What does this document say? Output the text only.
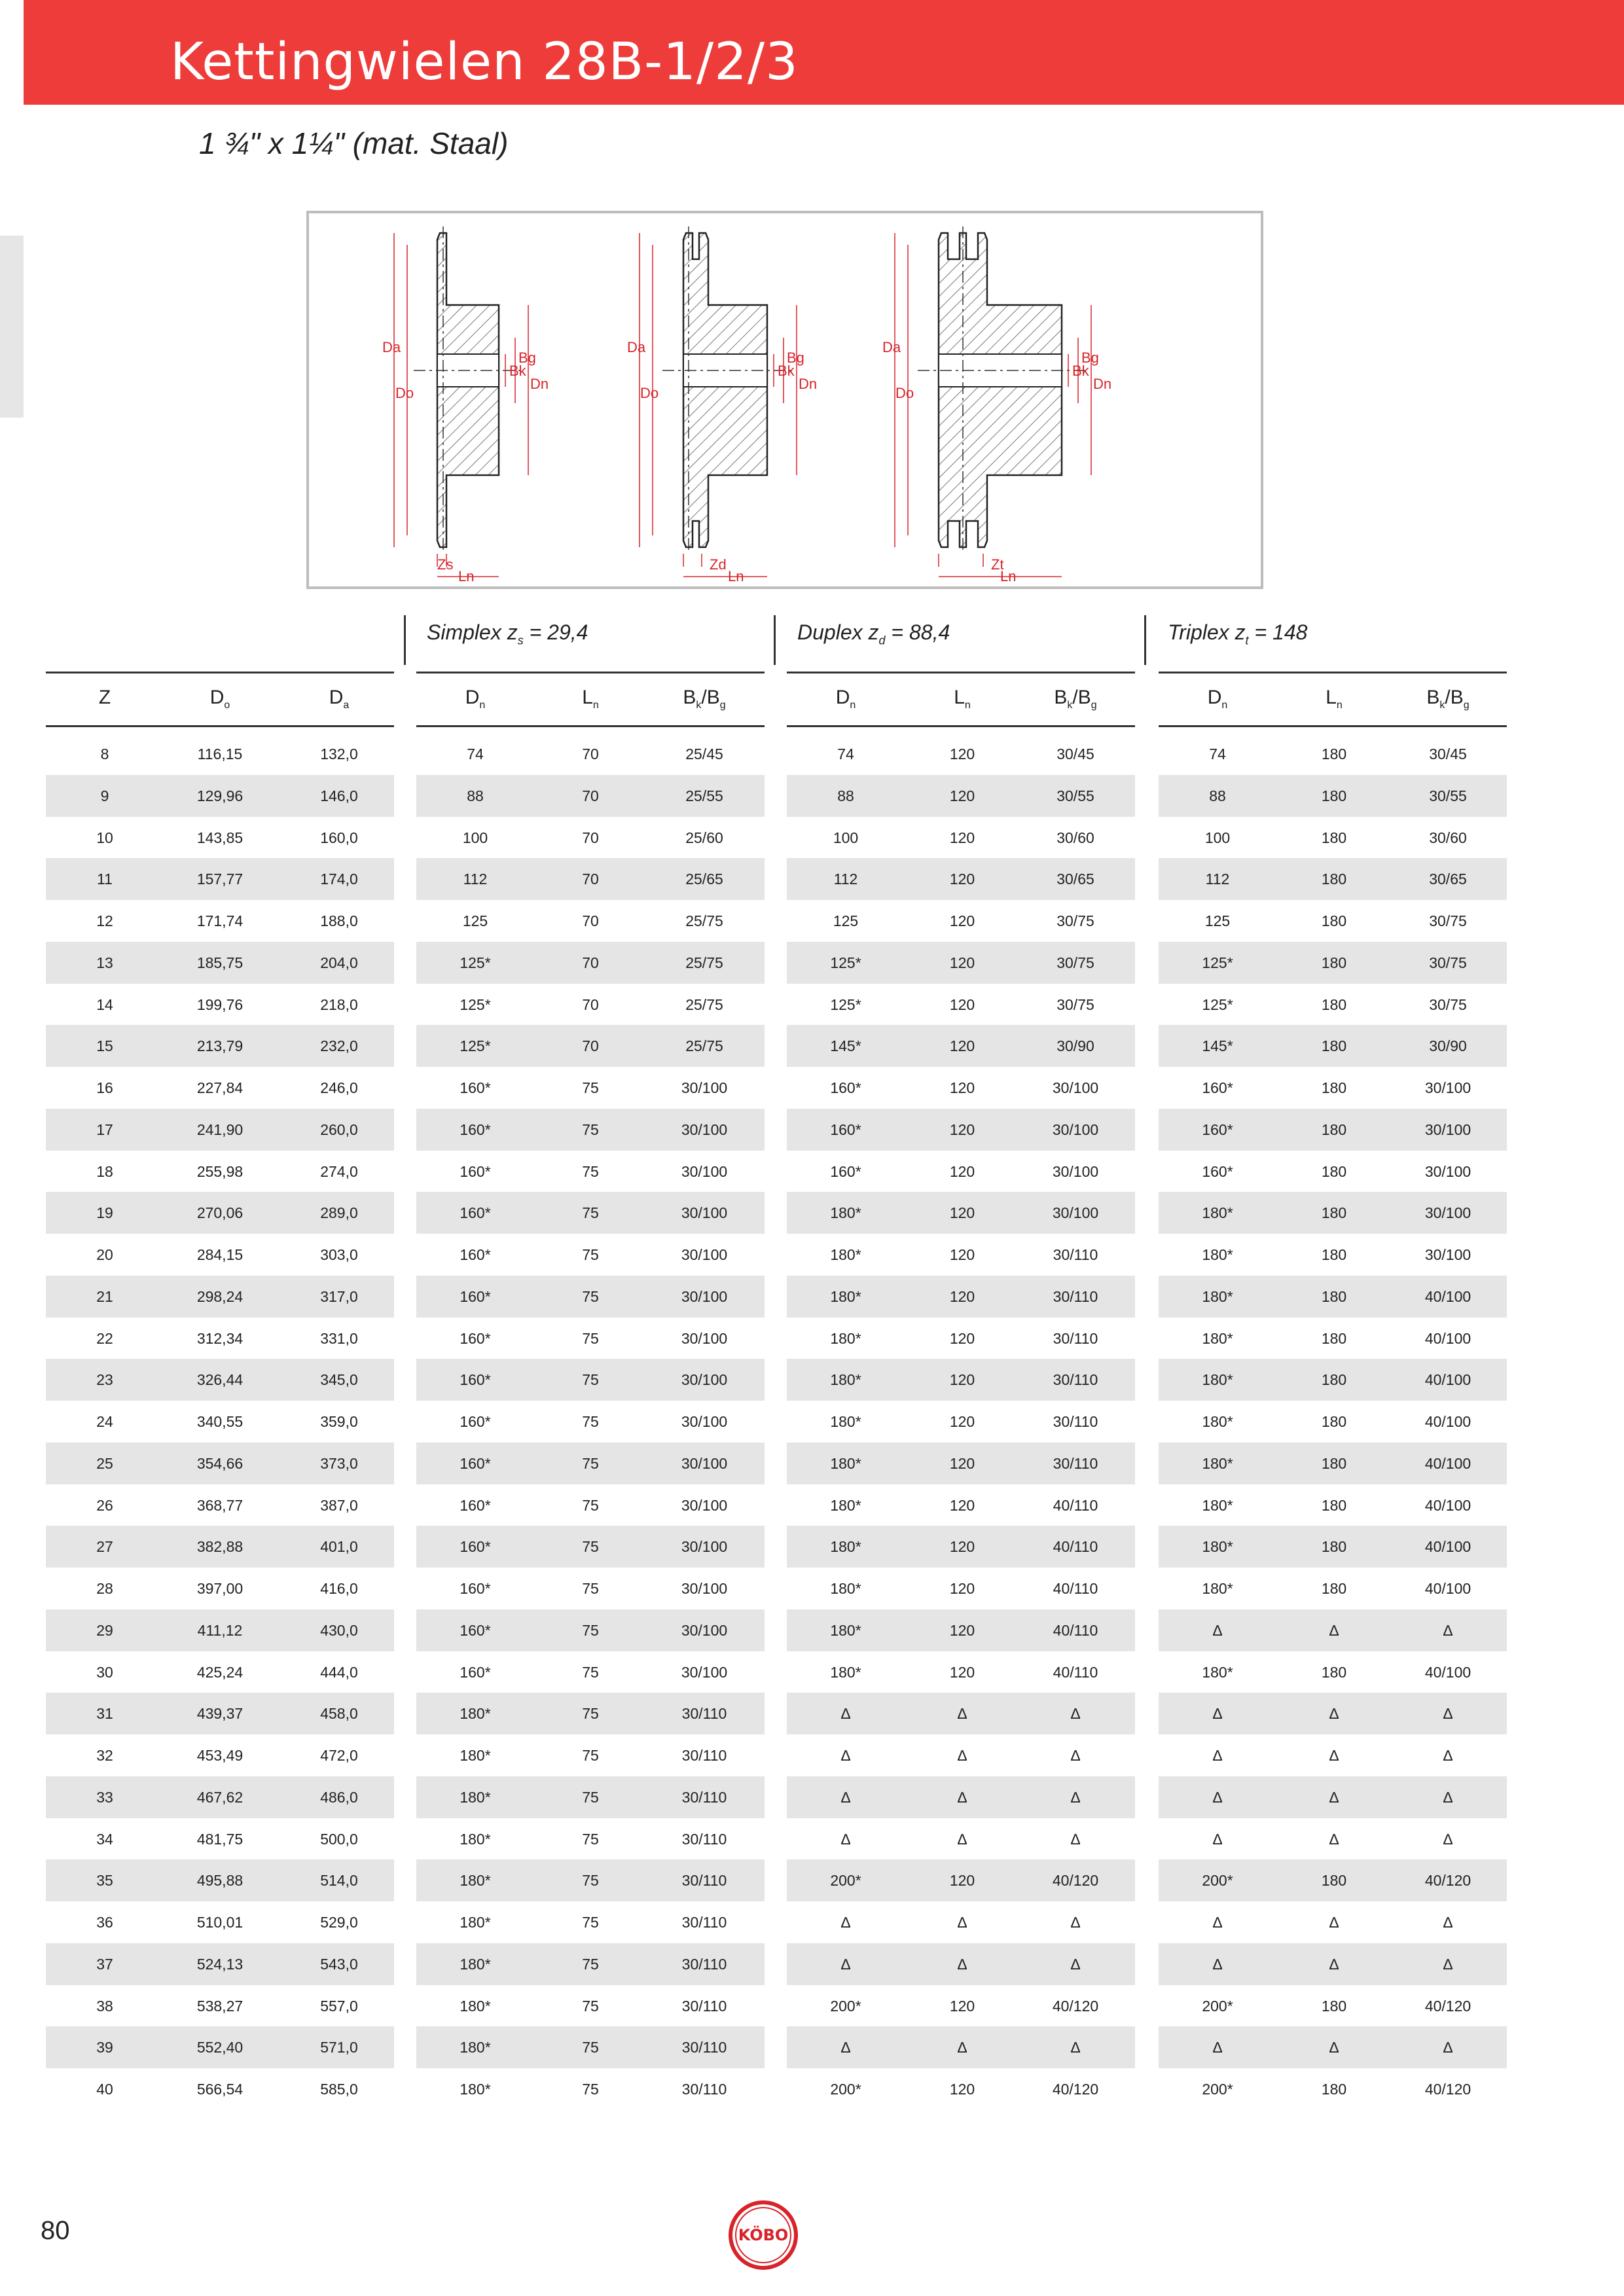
Kettingwielen 28B-1/2/3
1 ¾" x 1¼" (mat. Staal)
Da
Do
Bg
Bk
Dn
Zs
Ln
Da
Do
Bg
Bk
Dn
Zd
Ln
Da
Do
Bg
Bk
Dn
Zt
Ln
Simplex $z_s = 29,4$	Duplex $z_d = 88,4$	Triplex $z_t = 148$
Z	$D_o$	$D_a$	$D_n$	$L_n$	$B_k/B_g$	$D_n$	$L_n$	$B_k/B_g$	$D_n$	$L_n$	$B_k/B_g$
8	116,15	132,0	74	70	25/45	74	120	30/45	74	180	30/45
9	129,96	146,0	88	70	25/55	88	120	30/55	88	180	30/55
10	143,85	160,0	100	70	25/60	100	120	30/60	100	180	30/60
11	157,77	174,0	112	70	25/65	112	120	30/65	112	180	30/65
12	171,74	188,0	125	70	25/75	125	120	30/75	125	180	30/75
13	185,75	204,0	125*	70	25/75	125*	120	30/75	125*	180	30/75
14	199,76	218,0	125*	70	25/75	125*	120	30/75	125*	180	30/75
15	213,79	232,0	125*	70	25/75	145*	120	30/90	145*	180	30/90
16	227,84	246,0	160*	75	30/100	160*	120	30/100	160*	180	30/100
17	241,90	260,0	160*	75	30/100	160*	120	30/100	160*	180	30/100
18	255,98	274,0	160*	75	30/100	160*	120	30/100	160*	180	30/100
19	270,06	289,0	160*	75	30/100	180*	120	30/100	180*	180	30/100
20	284,15	303,0	160*	75	30/100	180*	120	30/110	180*	180	30/100
21	298,24	317,0	160*	75	30/100	180*	120	30/110	180*	180	40/100
22	312,34	331,0	160*	75	30/100	180*	120	30/110	180*	180	40/100
23	326,44	345,0	160*	75	30/100	180*	120	30/110	180*	180	40/100
24	340,55	359,0	160*	75	30/100	180*	120	30/110	180*	180	40/100
25	354,66	373,0	160*	75	30/100	180*	120	30/110	180*	180	40/100
26	368,77	387,0	160*	75	30/100	180*	120	40/110	180*	180	40/100
27	382,88	401,0	160*	75	30/100	180*	120	40/110	180*	180	40/100
28	397,00	416,0	160*	75	30/100	180*	120	40/110	180*	180	40/100
29	411,12	430,0	160*	75	30/100	180*	120	40/110	∆	∆	∆
30	425,24	444,0	160*	75	30/100	180*	120	40/110	180*	180	40/100
31	439,37	458,0	180*	75	30/110	∆	∆	∆	∆	∆	∆
32	453,49	472,0	180*	75	30/110	∆	∆	∆	∆	∆	∆
33	467,62	486,0	180*	75	30/110	∆	∆	∆	∆	∆	∆
34	481,75	500,0	180*	75	30/110	∆	∆	∆	∆	∆	∆
35	495,88	514,0	180*	75	30/110	200*	120	40/120	200*	180	40/120
36	510,01	529,0	180*	75	30/110	∆	∆	∆	∆	∆	∆
37	524,13	543,0	180*	75	30/110	∆	∆	∆	∆	∆	∆
38	538,27	557,0	180*	75	30/110	200*	120	40/120	200*	180	40/120
39	552,40	571,0	180*	75	30/110	∆	∆	∆	∆	∆	∆
40	566,54	585,0	180*	75	30/110	200*	120	40/120	200*	180	40/120
80	KÖBO
